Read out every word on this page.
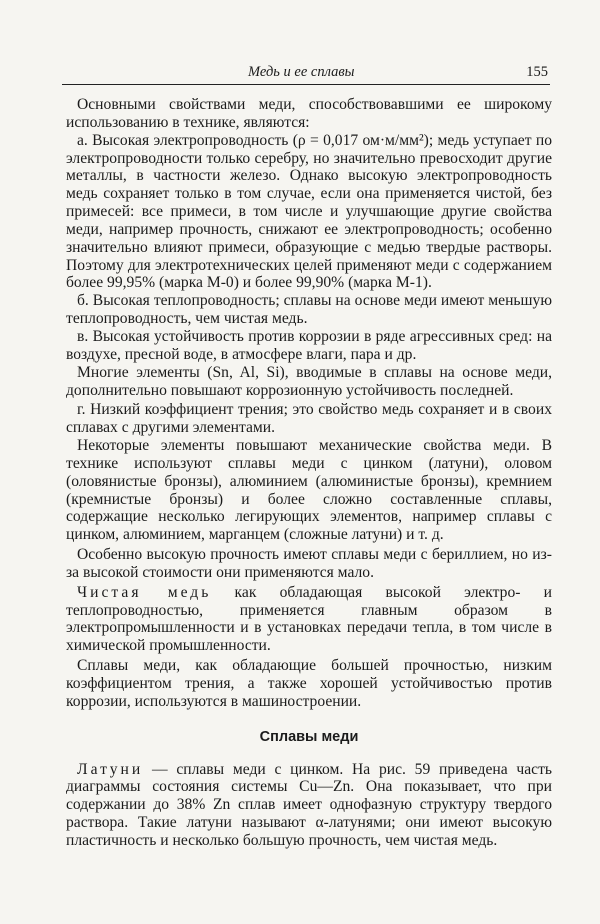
Медь и ее сплавы	155

Основными свойствами меди, способствовавшими ее широкому использованию в технике, являются:

а. Высокая электропроводность (ρ = 0,017 ом·м/мм²); медь уступает по электропроводности только серебру, но значительно превосходит другие металлы, в частности железо. Однако высокую электропроводность медь сохраняет только в том случае, если она применяется чистой, без примесей: все примеси, в том числе и улучшающие другие свойства меди, например прочность, снижают ее электропроводность; особенно значительно влияют примеси, образующие с медью твердые растворы. Поэтому для электротехнических целей применяют меди с содержанием более 99,95% (марка М-0) и более 99,90% (марка М-1).

б. Высокая теплопроводность; сплавы на основе меди имеют меньшую теплопроводность, чем чистая медь.

в. Высокая устойчивость против коррозии в ряде агрессивных сред: на воздухе, пресной воде, в атмосфере влаги, пара и др.

Многие элементы (Sn, Al, Si), вводимые в сплавы на основе меди, дополнительно повышают коррозионную устойчивость последней.

г. Низкий коэффициент трения; это свойство медь сохраняет и в своих сплавах с другими элементами.

Некоторые элементы повышают механические свойства меди. В технике используют сплавы меди с цинком (латуни), оловом (оловянистые бронзы), алюминием (алюминистые бронзы), кремнием (кремнистые бронзы) и более сложно составленные сплавы, содержащие несколько легирующих элементов, например сплавы с цинком, алюминием, марганцем (сложные латуни) и т. д.

Особенно высокую прочность имеют сплавы меди с бериллием, но из-за высокой стоимости они применяются мало.

Чистая медь как обладающая высокой электро- и теплопроводностью, применяется главным образом в электропромышленности и в установках передачи тепла, в том числе в химической промышленности.

Сплавы меди, как обладающие большей прочностью, низким коэффициентом трения, а также хорошей устойчивостью против коррозии, используются в машиностроении.

Сплавы меди

Латуни — сплавы меди с цинком. На рис. 59 приведена часть диаграммы состояния системы Cu—Zn. Она показывает, что при содержании до 38% Zn сплав имеет однофазную структуру твердого раствора. Такие латуни называют α-латунями; они имеют высокую пластичность и несколько большую прочность, чем чистая медь.
